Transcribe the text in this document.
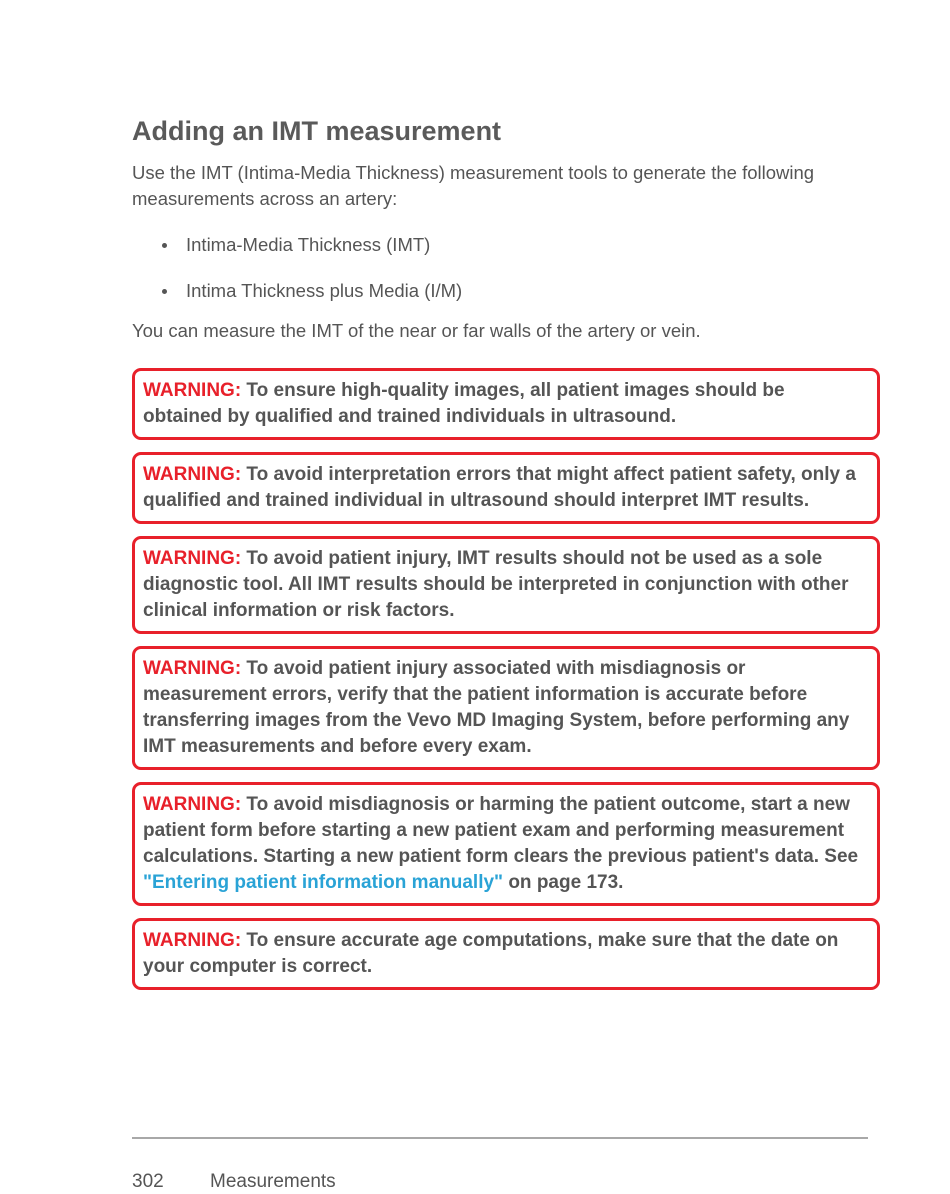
Adding an IMT measurement

Use the IMT (Intima-Media Thickness) measurement tools to generate the following measurements across an artery:

Intima-Media Thickness (IMT)
Intima Thickness plus Media (I/M)

You can measure the IMT of the near or far walls of the artery or vein.

WARNING: To ensure high-quality images, all patient images should be obtained by qualified and trained individuals in ultrasound.
WARNING: To avoid interpretation errors that might affect patient safety, only a qualified and trained individual in ultrasound should interpret IMT results.
WARNING: To avoid patient injury, IMT results should not be used as a sole diagnostic tool. All IMT results should be interpreted in conjunction with other clinical information or risk factors.
WARNING: To avoid patient injury associated with misdiagnosis or measurement errors, verify that the patient information is accurate before transferring images from the Vevo MD Imaging System, before performing any IMT measurements and before every exam.
WARNING: To avoid misdiagnosis or harming the patient outcome, start a new patient form before starting a new patient exam and performing measurement calculations. Starting a new patient form clears the previous patient's data. See "Entering patient information manually" on page 173.
WARNING: To ensure accurate age computations, make sure that the date on your computer is correct.
302 Measurements
